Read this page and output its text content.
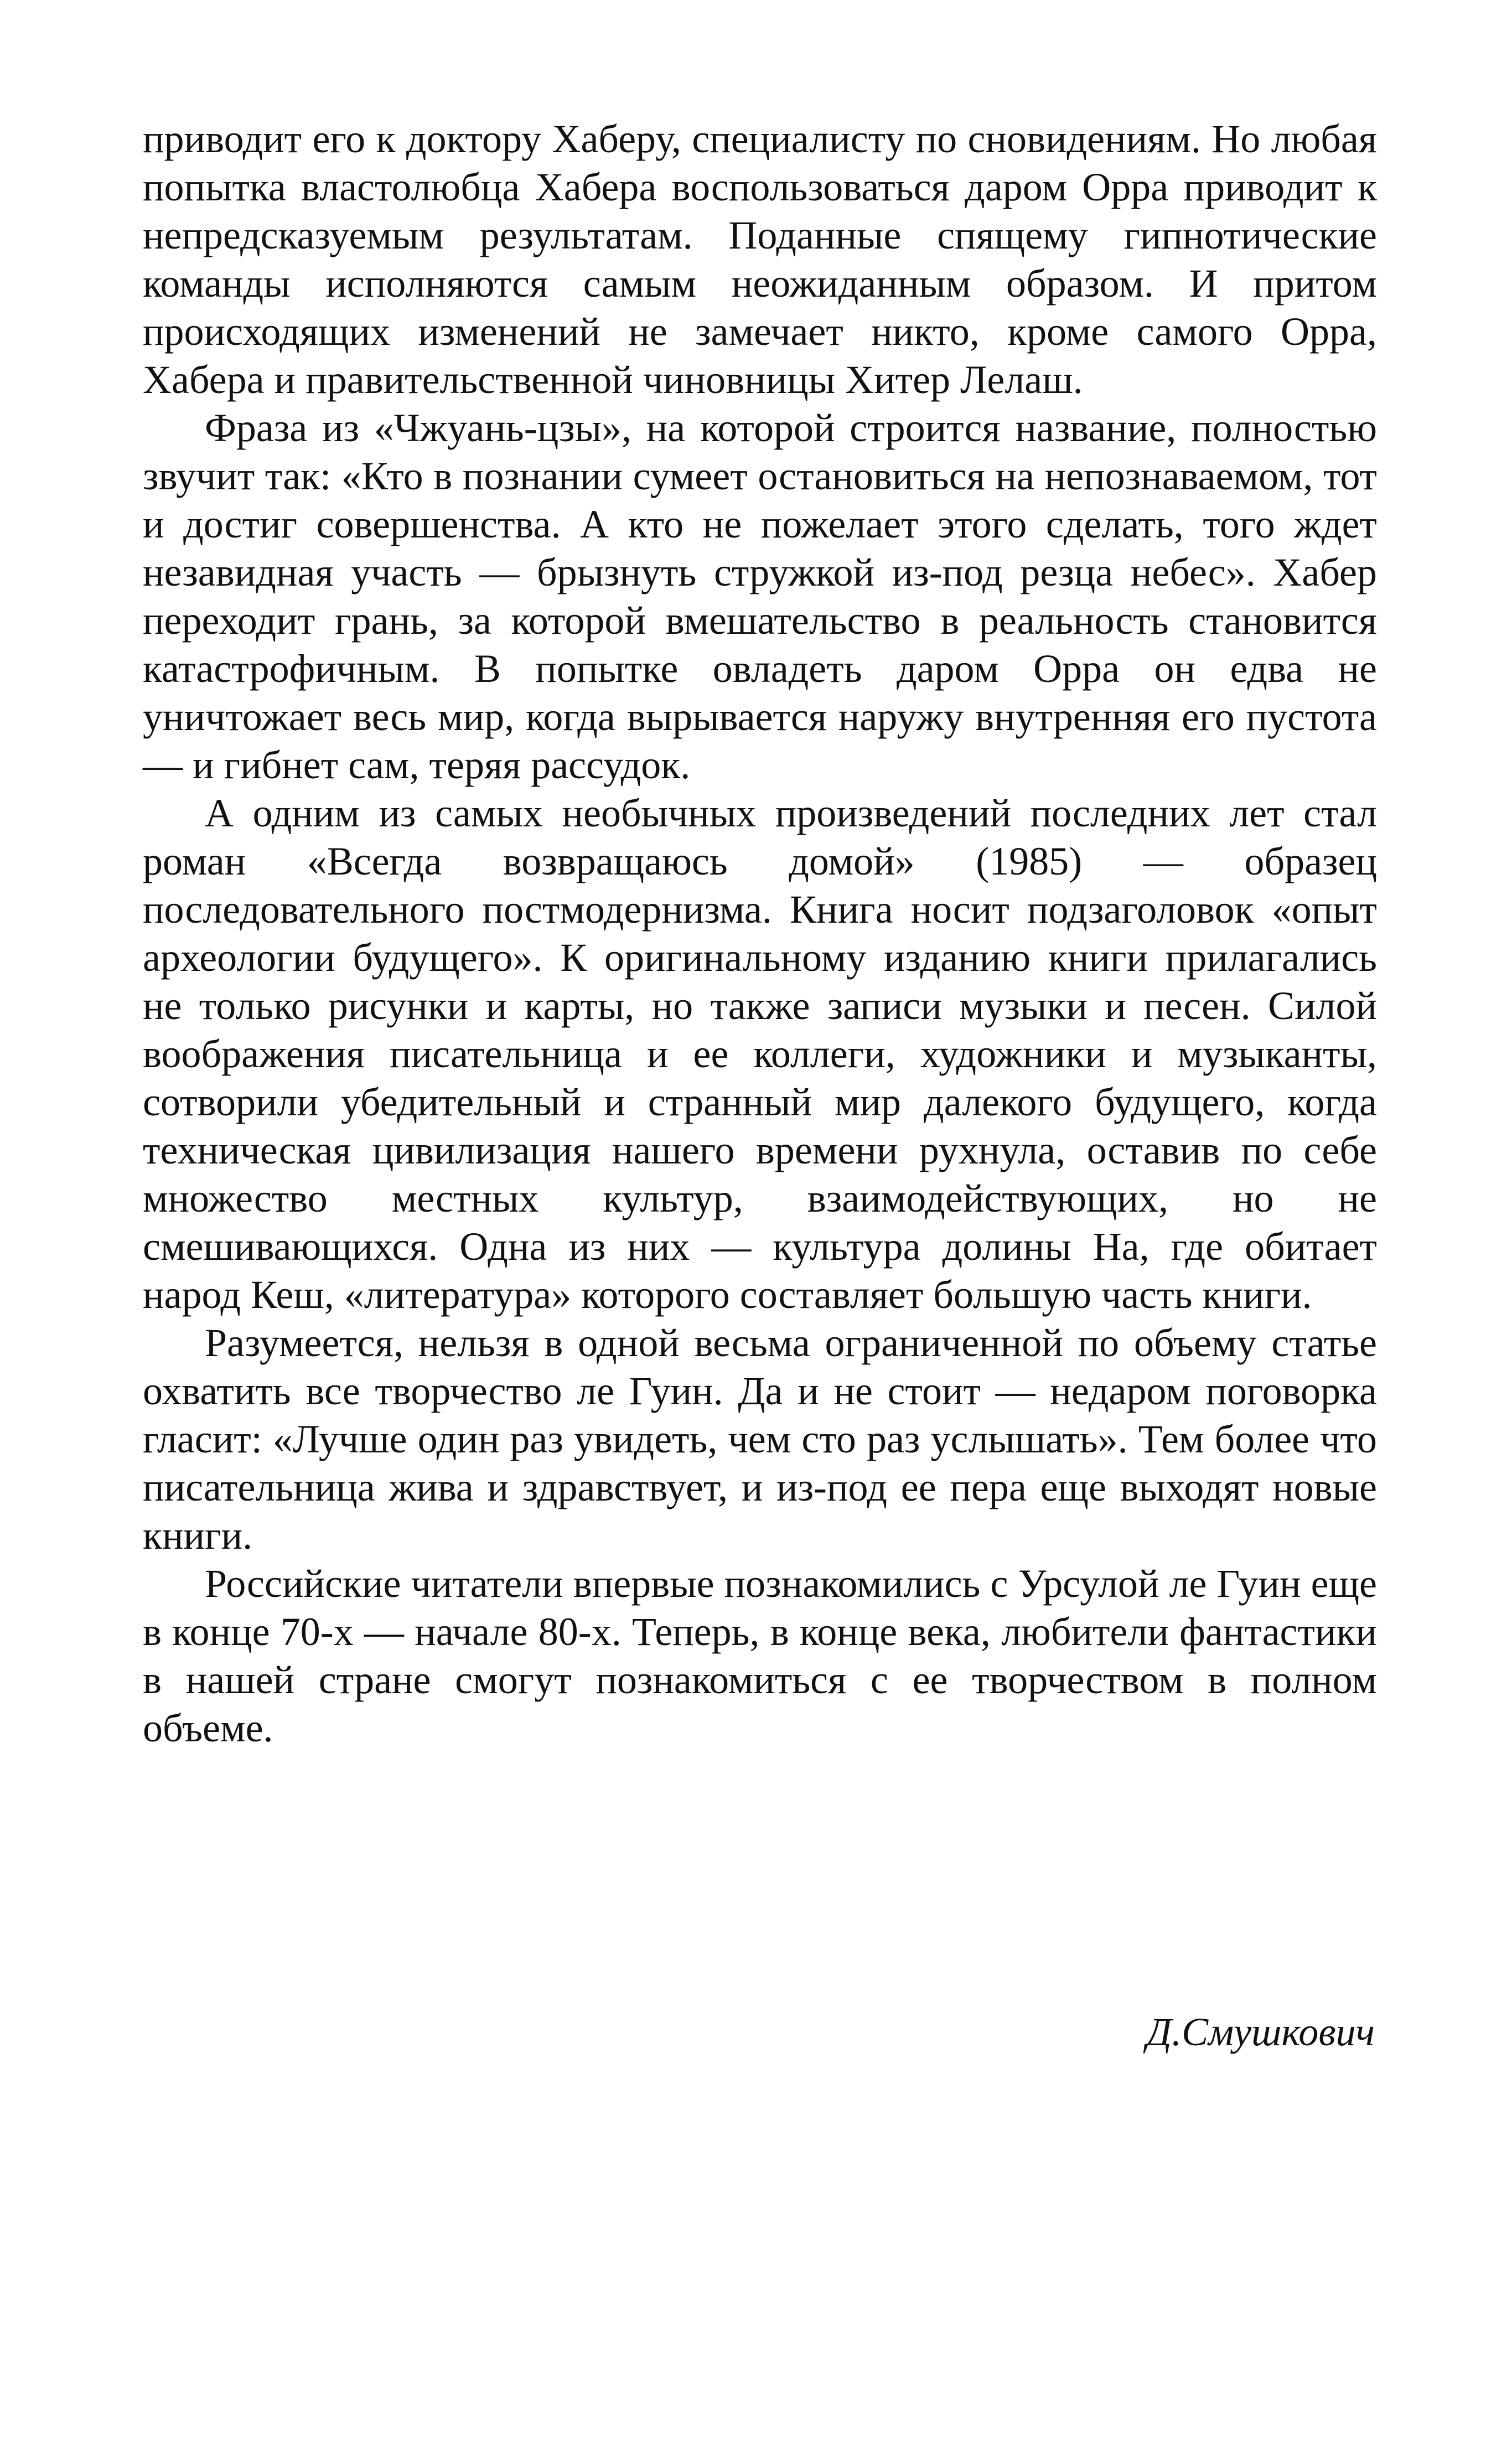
приводит его к доктору Хаберу, специалисту по сновидениям. Но любая попытка властолюбца Хабера воспользоваться даром Орра приводит к непредсказуемым результатам. Поданные спящему гипнотические команды исполняются самым неожиданным образом. И притом происходящих изменений не замечает никто, кроме самого Орра, Хабера и правительственной чиновницы Хитер Лелаш.

Фраза из «Чжуань-цзы», на которой строится название, полностью звучит так: «Кто в познании сумеет остановиться на непознаваемом, тот и достиг совершенства. А кто не пожелает этого сделать, того ждет незавидная участь — брызнуть стружкой из-под резца небес». Хабер переходит грань, за которой вмешательство в реальность становится катастрофичным. В попытке овладеть даром Орра он едва не уничтожает весь мир, когда вырывается наружу внутренняя его пустота — и гибнет сам, теряя рассудок.

А одним из самых необычных произведений последних лет стал роман «Всегда возвращаюсь домой» (1985) — образец последовательного постмодернизма. Книга носит подзаголовок «опыт археологии будущего». К оригинальному изданию книги прилагались не только рисунки и карты, но также записи музыки и песен. Силой воображения писательница и ее коллеги, художники и музыканты, сотворили убедительный и странный мир далекого будущего, когда техническая цивилизация нашего времени рухнула, оставив по себе множество местных культур, взаимодействующих, но не смешивающихся. Одна из них — культура долины На, где обитает народ Кеш, «литература» которого составляет большую часть книги.

Разумеется, нельзя в одной весьма ограниченной по объему статье охватить все творчество ле Гуин. Да и не стоит — недаром поговорка гласит: «Лучше один раз увидеть, чем сто раз услышать». Тем более что писательница жива и здравствует, и из-под ее пера еще выходят новые книги.

Российские читатели впервые познакомились с Урсулой ле Гуин еще в конце 70-х — начале 80-х. Теперь, в конце века, любители фантастики в нашей стране смогут познакомиться с ее творчеством в полном объеме.

Д.Смушкович
